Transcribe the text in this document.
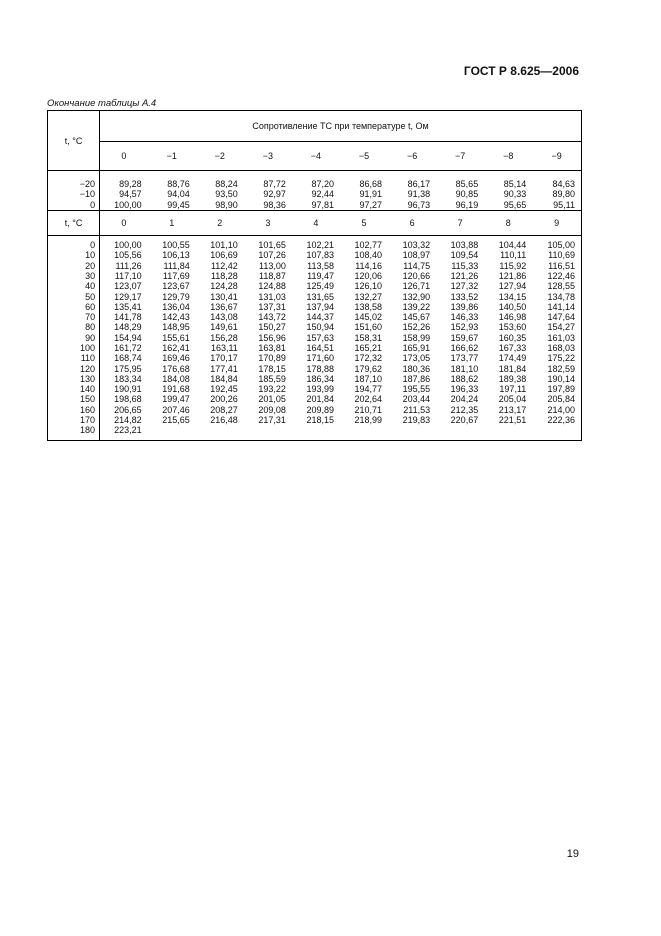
ГОСТ Р 8.625—2006
Окончание таблицы А.4
t, °C	Сопротивление ТС при температуре t, Ом									
	0	−1	−2	−3	−4	−5	−6	−7	−8	−9

−20	89,28	88,76	88,24	87,72	87,20	86,68	86,17	85,65	85,14	84,63
−10	94,57	94,04	93,50	92,97	92,44	91,91	91,38	90,85	90,33	89,80
0	100,00	99,45	98,90	98,36	97,81	97,27	96,73	96,19	95,65	95,11
t, °C	0	1	2	3	4	5	6	7	8	9

0	100,00	100,55	101,10	101,65	102,21	102,77	103,32	103,88	104,44	105,00
10	105,56	106,13	106,69	107,26	107,83	108,40	108,97	109,54	110,11	110,69
20	111,26	111,84	112,42	113,00	113,58	114,16	114,75	115,33	115,92	116,51
30	117,10	117,69	118,28	118,87	119,47	120,06	120,66	121,26	121,86	122,46
40	123,07	123,67	124,28	124,88	125,49	126,10	126,71	127,32	127,94	128,55
50	129,17	129,79	130,41	131,03	131,65	132,27	132,90	133,52	134,15	134,78
60	135,41	136,04	136,67	137,31	137,94	138,58	139,22	139,86	140,50	141,14
70	141,78	142,43	143,08	143,72	144,37	145,02	145,67	146,33	146,98	147,64
80	148,29	148,95	149,61	150,27	150,94	151,60	152,26	152,93	153,60	154,27
90	154,94	155,61	156,28	156,96	157,63	158,31	158,99	159,67	160,35	161,03
100	161,72	162,41	163,11	163,81	164,51	165,21	165,91	166,62	167,33	168,03
110	168,74	169,46	170,17	170,89	171,60	172,32	173,05	173,77	174,49	175,22
120	175,95	176,68	177,41	178,15	178,88	179,62	180,36	181,10	181,84	182,59
130	183,34	184,08	184,84	185,59	186,34	187,10	187,86	188,62	189,38	190,14
140	190,91	191,68	192,45	193,22	193,99	194,77	195,55	196,33	197,11	197,89
150	198,68	199,47	200,26	201,05	201,84	202,64	203,44	204,24	205,04	205,84
160	206,65	207,46	208,27	209,08	209,89	210,71	211,53	212,35	213,17	214,00
170	214,82	215,65	216,48	217,31	218,15	218,99	219,83	220,67	221,51	222,36
180	223,21									

19
